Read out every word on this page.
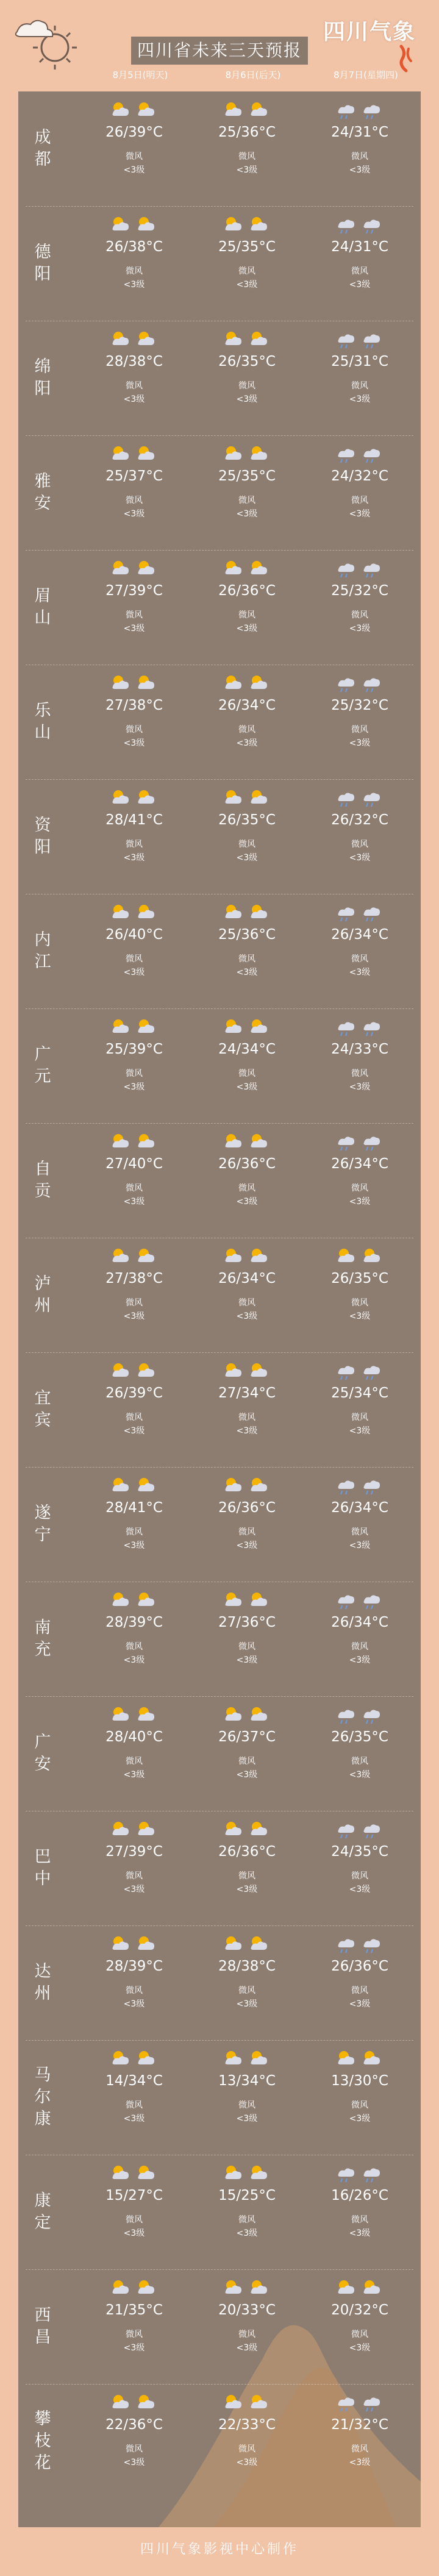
四川省未来三天预报
四川气象
8月5日(明天)	8月6日(后天)	8月7日(星期四)
成
都
26/39°C
微风
<3级
25/36°C
微风
<3级
24/31°C
微风
<3级
德
阳
26/38°C
微风
<3级
25/35°C
微风
<3级
24/31°C
微风
<3级
绵
阳
28/38°C
微风
<3级
26/35°C
微风
<3级
25/31°C
微风
<3级
雅
安
25/37°C
微风
<3级
25/35°C
微风
<3级
24/32°C
微风
<3级
眉
山
27/39°C
微风
<3级
26/36°C
微风
<3级
25/32°C
微风
<3级
乐
山
27/38°C
微风
<3级
26/34°C
微风
<3级
25/32°C
微风
<3级
资
阳
28/41°C
微风
<3级
26/35°C
微风
<3级
26/32°C
微风
<3级
内
江
26/40°C
微风
<3级
25/36°C
微风
<3级
26/34°C
微风
<3级
广
元
25/39°C
微风
<3级
24/34°C
微风
<3级
24/33°C
微风
<3级
自
贡
27/40°C
微风
<3级
26/36°C
微风
<3级
26/34°C
微风
<3级
泸
州
27/38°C
微风
<3级
26/34°C
微风
<3级
26/35°C
微风
<3级
宜
宾
26/39°C
微风
<3级
27/34°C
微风
<3级
25/34°C
微风
<3级
遂
宁
28/41°C
微风
<3级
26/36°C
微风
<3级
26/34°C
微风
<3级
南
充
28/39°C
微风
<3级
27/36°C
微风
<3级
26/34°C
微风
<3级
广
安
28/40°C
微风
<3级
26/37°C
微风
<3级
26/35°C
微风
<3级
巴
中
27/39°C
微风
<3级
26/36°C
微风
<3级
24/35°C
微风
<3级
达
州
28/39°C
微风
<3级
28/38°C
微风
<3级
26/36°C
微风
<3级
马
尔
康
14/34°C
微风
<3级
13/34°C
微风
<3级
13/30°C
微风
<3级
康
定
15/27°C
微风
<3级
15/25°C
微风
<3级
16/26°C
微风
<3级
西
昌
21/35°C
微风
<3级
20/33°C
微风
<3级
20/32°C
微风
<3级
攀
枝
花
22/36°C
微风
<3级
22/33°C
微风
<3级
21/32°C
微风
<3级
四川气象影视中心制作
